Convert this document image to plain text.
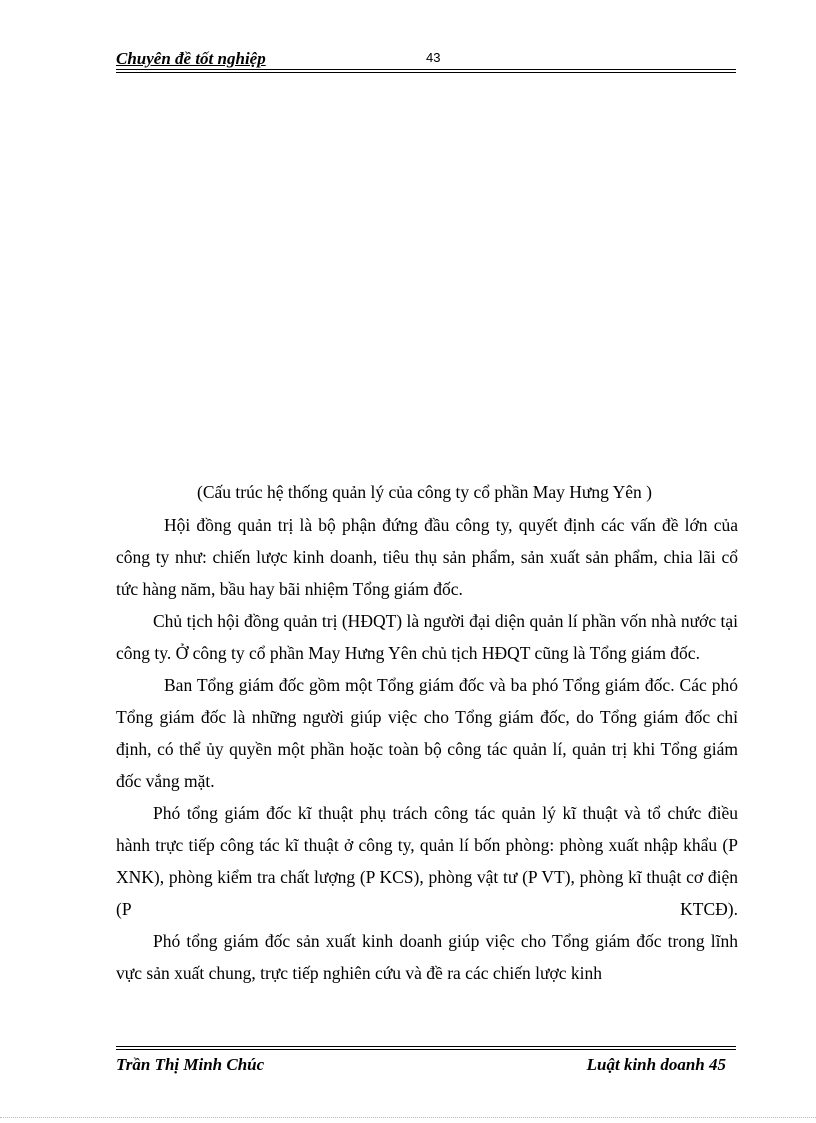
Chuyên đề tốt nghiệp	43
(Cấu trúc hệ thống quản lý của công ty cổ phần May Hưng Yên )

Hội đồng quản trị là bộ phận đứng đầu công ty, quyết định các vấn đề lớn của công ty như: chiến lược kinh doanh, tiêu thụ sản phẩm, sản xuất sản phẩm, chia lãi cổ tức hàng năm, bầu hay bãi nhiệm Tổng giám đốc.

Chủ tịch hội đồng quản trị (HĐQT) là người đại diện quản lí phần vốn nhà nước tại công ty. Ở công ty cổ phần May Hưng Yên chủ tịch HĐQT cũng là Tổng giám đốc.

Ban Tổng giám đốc gồm một Tổng giám đốc và ba phó Tổng giám đốc. Các phó Tổng giám đốc là những người giúp việc cho Tổng giám đốc, do Tổng giám đốc chỉ định, có thể ủy quyền một phần hoặc toàn bộ công tác quản lí, quản trị khi Tổng giám đốc vắng mặt.

Phó tổng giám đốc kĩ thuật phụ trách công tác quản lý kĩ thuật và tổ chức điều hành trực tiếp công tác kĩ thuật ở công ty, quản lí bốn phòng: phòng xuất nhập khẩu (P XNK), phòng kiểm tra chất lượng (P KCS), phòng vật tư (P VT), phòng kĩ thuật cơ điện (P KTCĐ).

Phó tổng giám đốc sản xuất kinh doanh giúp việc cho Tổng giám đốc trong lĩnh vực sản xuất chung, trực tiếp nghiên cứu và đề ra các chiến lược kinh

Trần Thị Minh Chúc	Luật kinh doanh 45
